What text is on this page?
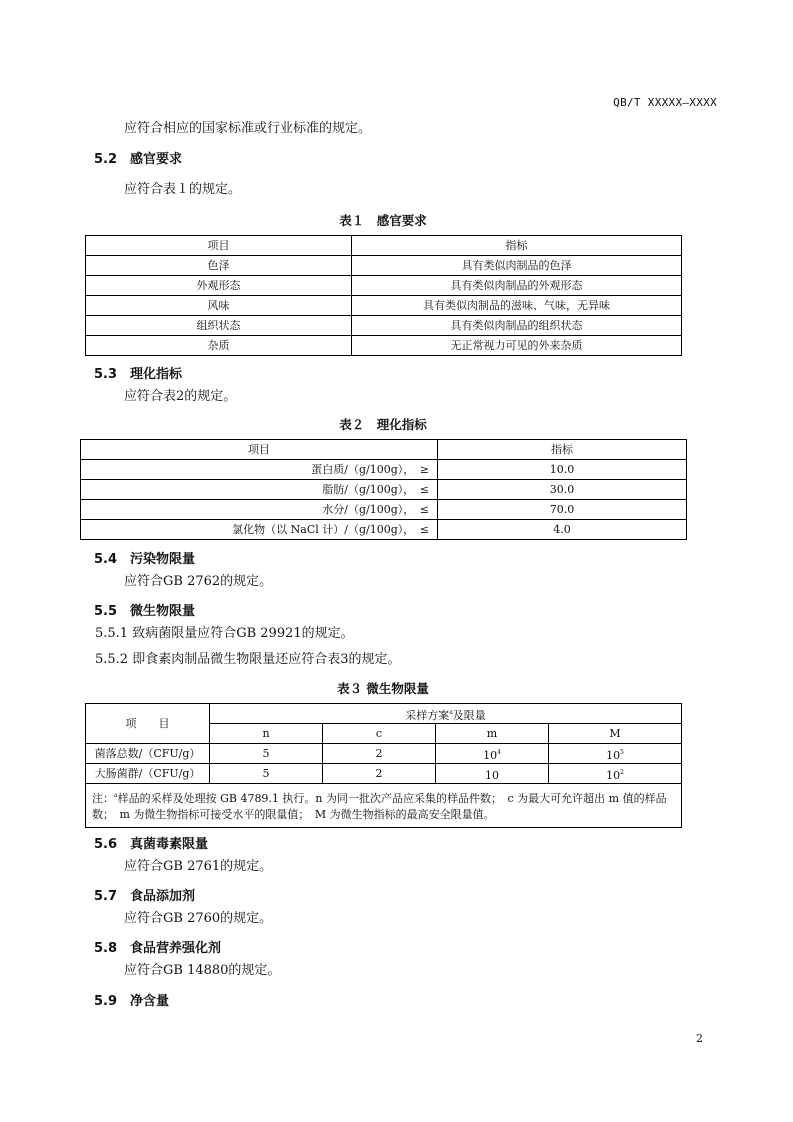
QB/T XXXXX—XXXX
应符合相应的国家标准或行业标准的规定。
5.2 感官要求
应符合表１的规定。
表１　感官要求
项目	指标
色泽	具有类似肉制品的色泽
外观形态	具有类似肉制品的外观形态
风味	具有类似肉制品的滋味、气味，无异味
组织状态	具有类似肉制品的组织状态
杂质	无正常视力可见的外来杂质
5.3 理化指标
应符合表2的规定。
表２　理化指标
项目	指标
蛋白质/（g/100g），　≥	10.0
脂肪/（g/100g），　≤	30.0
水分/（g/100g），　≤	70.0
氯化物（以 NaCl 计）/（g/100g），　≤	4.0
5.4 污染物限量
应符合GB 2762的规定。
5.5 微生物限量
5.5.1 致病菌限量应符合GB 29921的规定。
5.5.2 即食素肉制品微生物限量还应符合表3的规定。
表３ 微生物限量
项　　目	采样方案$^a$及限量			
	n	c	m	M
菌落总数/（CFU/g）	5	2	$10^4$	$10^5$
大肠菌群/（CFU/g）	5	2	10	$10^2$
注：$^a$样品的采样及处理按 GB 4789.1 执行。n 为同一批次产品应采集的样品件数；　c 为最大可允许超出 m 值的样品数；　m 为微生物指标可接受水平的限量值；　M 为微生物指标的最高安全限量值。				
5.6 真菌毒素限量
应符合GB 2761的规定。
5.7 食品添加剂
应符合GB 2760的规定。
5.8 食品营养强化剂
应符合GB 14880的规定。
5.9 净含量
2
